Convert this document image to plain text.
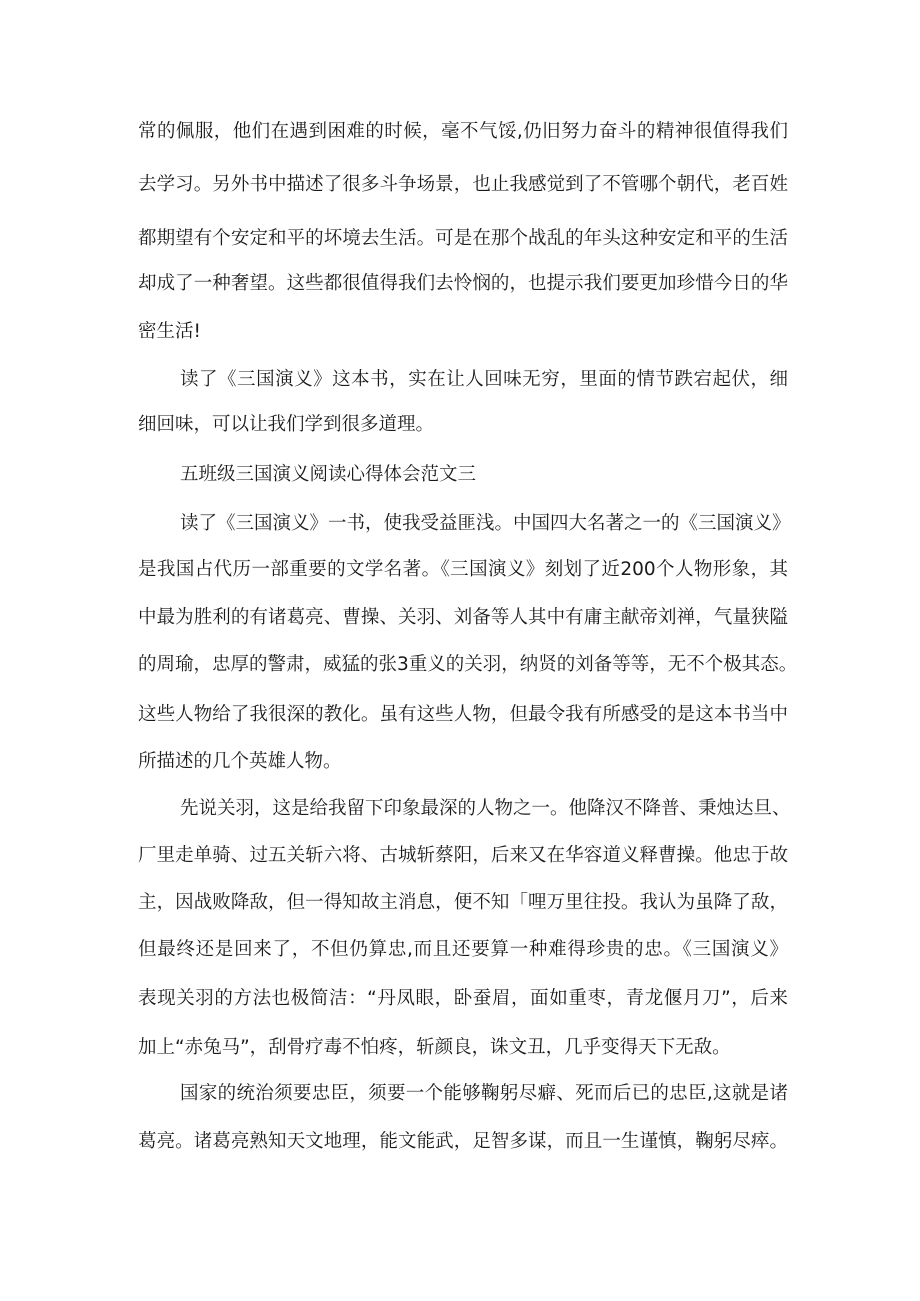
常的佩服，他们在遇到困难的时候，毫不气馁,仍旧努力奋斗的精神很值得我们
去学习。另外书中描述了很多斗争场景，也止我感觉到了不管哪个朝代，老百姓
都期望有个安定和平的坏境去生活。可是在那个战乱的年头这种安定和平的生活
却成了一种奢望。这些都很值得我们去怜悯的，也提示我们要更加珍惜今日的华
密生活!
读了《三国演义》这本书，实在让人回味无穷，里面的情节跌宕起伏，细
细回味，可以让我们学到很多道理。
五班级三国演义阅读心得体会范文三
读了《三国演义》一书，使我受益匪浅。中国四大名著之一的《三国演义》
是我国占代历一部重要的文学名著。《三国演义》刻划了近200个人物形象，其
中最为胜利的有诸葛亮、曹操、关羽、刘备等人其中有庸主献帝刘禅，气量狭隘
的周瑜，忠厚的警肃，威猛的张3重义的关羽，纳贤的刘备等等，无不个极其态。
这些人物给了我很深的教化。虽有这些人物，但最令我有所感受的是这本书当中
所描述的几个英雄人物。
先说关羽，这是给我留下印象最深的人物之一。他降汉不降普、秉烛达旦、
厂里走单骑、过五关斩六将、古城斩蔡阳，后来又在华容道义释曹操。他忠于故
主，因战败降敌，但一得知故主消息，便不知「哩万里往投。我认为虽降了敌，
但最终还是回来了，不但仍算忠,而且还要算一种难得珍贵的忠。《三国演义》
表现关羽的方法也极简洁：“丹凤眼，卧蚕眉，面如重枣，青龙偃月刀”，后来
加上“赤兔马”，刮骨疗毒不怕疼，斩颜良，诛文丑，几乎变得天下无敌。
国家的统治须要忠臣，须要一个能够鞠躬尽癖、死而后已的忠臣,这就是诸
葛亮。诸葛亮熟知天文地理，能文能武，足智多谋，而且一生谨慎，鞠躬尽瘁。
